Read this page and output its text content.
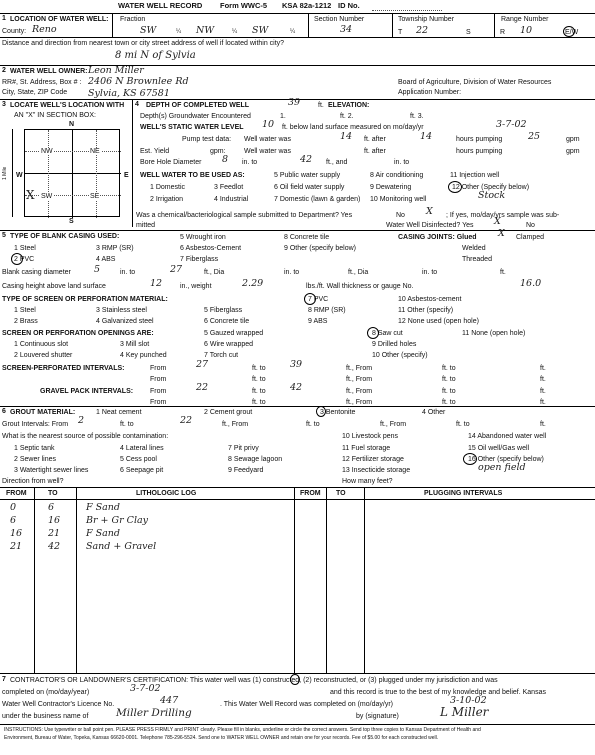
WATER WELL RECORD Form WWC-5 KSA 82a-1212 ID No.
1 LOCATION OF WATER WELL: Fraction	Section Number	Township Number	Range Number
County: Reno	SW	¼ NW	¼ SW	¼	34	T 22	S	R 10	E/W
Distance and direction from nearest town or city street address of well if located within city?
8 mi N of Sylvia
2 WATER WELL OWNER: Leon Miller
RR#, St. Address, Box # : 2406 N Brownlee Rd
City, State, ZIP Code Sylvia, KS 67581
Board of Agriculture, Division of Water Resources
Application Number:
3 LOCATE WELL'S LOCATION WITH
AN "X" IN SECTION BOX:
N
S
W	E
NW	NE
SW	SE
X
1 Mile
4 DEPTH OF COMPLETED WELL	39	ft. ELEVATION:
Depth(s) Groundwater Encountered	1.	ft. 2.	ft. 3.
WELL'S STATIC WATER LEVEL 10 ft. below land surface measured on mo/day/yr	3-7-02
Pump test data: Well water was	14 ft. after	14	hours pumping	25	gpm
Est. Yield	gpm:	Well water was	ft. after	hours pumping	gpm
Bore Hole Diameter 8 in. to	42 ft., and	in. to
WELL WATER TO BE USED AS:	5 Public water supply	8 Air conditioning	11 Injection well
1 Domestic	3 Feedlot	6 Oil field water supply	9 Dewatering	12 Other (Specify below)
2 Irrigation	4 Industrial	7 Domestic (lawn & garden) 10 Monitoring well	Stock
Was a chemical/bacteriological sample submitted to Department? Yes	No X ; If yes, mo/day/yrs sample was sub-
mitted	Water Well Disinfected? Yes X	No
5 TYPE OF BLANK CASING USED:	5 Wrought iron	8 Concrete tile	CASING JOINTS: Glued X Clamped
1 Steel	3 RMP (SR)	6 Asbestos-Cement	9 Other (specify below)	Welded
2 PVC	4 ABS	7 Fiberglass	Threaded
Blank casing diameter 5	in. to	27	ft., Dia	in. to	ft., Dia	in. to	ft.
Casing height above land surface	12	in., weight	2.29	lbs./ft. Wall thickness or gauge No.	16.0
TYPE OF SCREEN OR PERFORATION MATERIAL:	7 PVC	10 Asbestos-cement
1 Steel	3 Stainless steel	5 Fiberglass	8 RMP (SR)	11 Other (specify)
2 Brass	4 Galvanized steel	6 Concrete tile	9 ABS	12 None used (open hole)
SCREEN OR PERFORATION OPENINGS ARE:	5 Gauzed wrapped	8 Saw cut	11 None (open hole)
1 Continuous slot	3 Mill slot	6 Wire wrapped	9 Drilled holes
2 Louvered shutter	4 Key punched	7 Torch cut	10 Other (specify)
SCREEN-PERFORATED INTERVALS:	From	27	ft. to	39	ft., From	ft. to	ft.
From	ft. to	ft., From	ft. to	ft.
GRAVEL PACK INTERVALS: From	22	ft. to	42	ft., From	ft. to	ft.
From	ft. to	ft., From	ft. to	ft.
6 GROUT MATERIAL:	1 Neat cement	2 Cement grout	3 Bentonite	4 Other
Grout Intervals: From 2	ft. to	22	ft., From	ft. to	ft., From	ft. to	ft.
What is the nearest source of possible contamination:	10 Livestock pens	14 Abandoned water well
1 Septic tank	4 Lateral lines	7 Pit privy	11 Fuel storage	15 Oil well/Gas well
2 Sewer lines	5 Cess pool	8 Sewage lagoon	12 Fertilizer storage	16 Other (specify below)
3 Watertight sewer lines	6 Seepage pit	9 Feedyard	13 Insecticide storage	open field
Direction from well?	How many feet?
FROM	TO	LITHOLOGIC LOG	FROM TO	PLUGGING INTERVALS
0	6	F Sand
6	16	Br + Gr Clay
16	21	F Sand
21	42	Sand + Gravel
7 CONTRACTOR'S OR LANDOWNER'S CERTIFICATION: This water well was (1) constructed, (2) reconstructed, or (3) plugged under my jurisdiction and was
completed on (mo/day/year)	3-7-02	and this record is true to the best of my knowledge and belief. Kansas
Water Well Contractor's Licence No.	447	. This Water Well Record was completed on (mo/day/yr)	3-10-02
under the business name of	Miller Drilling	by (signature)	L Miller
INSTRUCTIONS: Use typewriter or ball point pen. PLEASE PRESS FIRMLY and PRINT clearly. Please fill in blanks, underline or circle the correct answers. Send top three copies to Kansas Department of Health and
Environment, Bureau of Water, Topeka, Kansas 66620-0001. Telephone 785-296-5524. Send one to WATER WELL OWNER and retain one for your records. Fee of $5.00 for each constructed well.
